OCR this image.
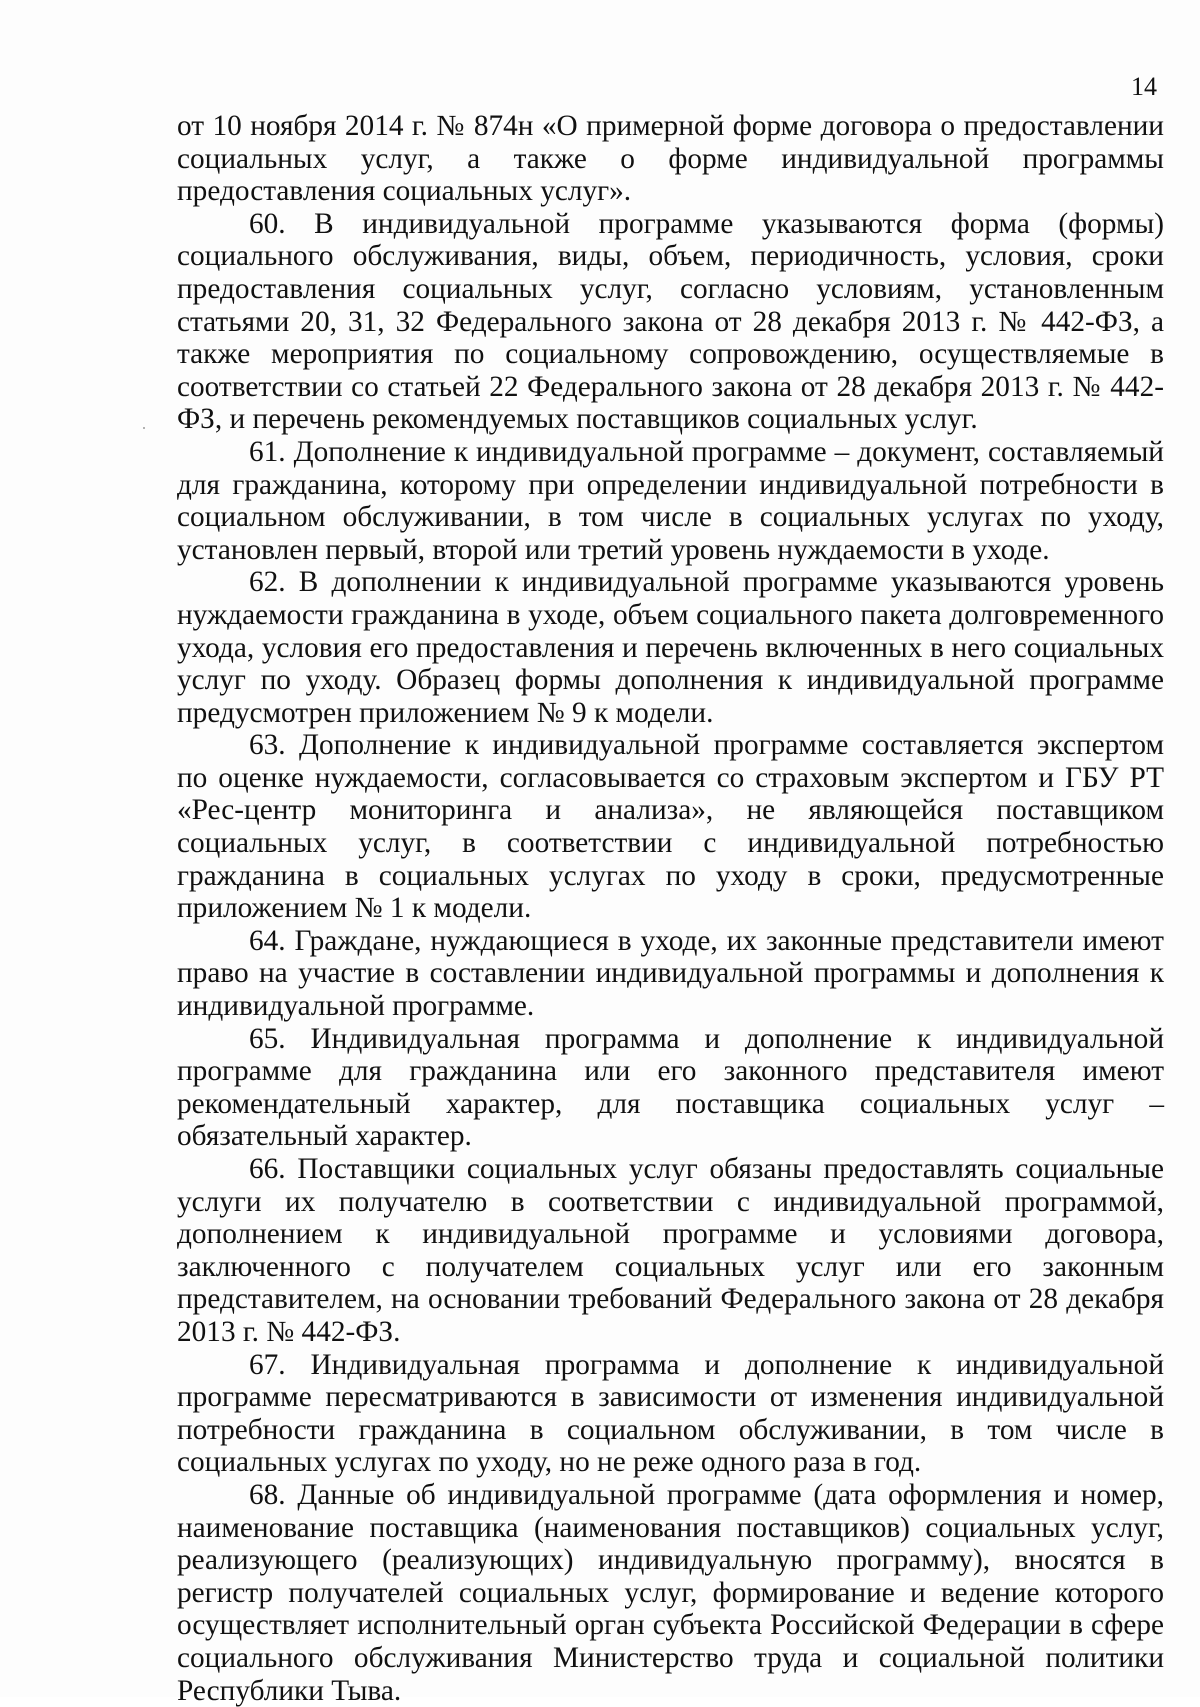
14

от 10 ноября 2014 г. № 874н «О примерной форме договора о предоставлении социальных услуг, а также о форме индивидуальной программы предоставления социальных услуг».

60. В индивидуальной программе указываются форма (формы) социального обслуживания, виды, объем, периодичность, условия, сроки предоставления социальных услуг, согласно условиям, установленным статьями 20, 31, 32 Федерального закона от 28 декабря 2013 г. № 442-ФЗ, а также мероприятия по социальному сопровождению, осуществляемые в соответствии со статьей 22 Федерального закона от 28 декабря 2013 г. № 442-ФЗ, и перечень рекомендуемых поставщиков социальных услуг.

61. Дополнение к индивидуальной программе – документ, составляемый для гражданина, которому при определении индивидуальной потребности в социальном обслуживании, в том числе в социальных услугах по уходу, установлен первый, второй или третий уровень нуждаемости в уходе.

62. В дополнении к индивидуальной программе указываются уровень нуждаемости гражданина в уходе, объем социального пакета долговременного ухода, условия его предоставления и перечень включенных в него социальных услуг по уходу. Образец формы дополнения к индивидуальной программе предусмотрен приложением № 9 к модели.

63. Дополнение к индивидуальной программе составляется экспертом по оценке нуждаемости, согласовывается со страховым экспертом и ГБУ РТ «Рес-центр мониторинга и анализа», не являющейся поставщиком социальных услуг, в соответствии с индивидуальной потребностью гражданина в социальных услугах по уходу в сроки, предусмотренные приложением № 1 к модели.

64. Граждане, нуждающиеся в уходе, их законные представители имеют право на участие в составлении индивидуальной программы и дополнения к индивидуальной программе.

65. Индивидуальная программа и дополнение к индивидуальной программе для гражданина или его законного представителя имеют рекомендательный характер, для поставщика социальных услуг – обязательный характер.

66. Поставщики социальных услуг обязаны предоставлять социальные услуги их получателю в соответствии с индивидуальной программой, дополнением к индивидуальной программе и условиями договора, заключенного с получателем социальных услуг или его законным представителем, на основании требований Федерального закона от 28 декабря 2013 г. № 442-ФЗ.

67. Индивидуальная программа и дополнение к индивидуальной программе пересматриваются в зависимости от изменения индивидуальной потребности гражданина в социальном обслуживании, в том числе в социальных услугах по уходу, но не реже одного раза в год.

68. Данные об индивидуальной программе (дата оформления и номер, наименование поставщика (наименования поставщиков) социальных услуг, реализующего (реализующих) индивидуальную программу), вносятся в регистр получателей социальных услуг, формирование и ведение которого осуществляет исполнительный орган субъекта Российской Федерации в сфере социального обслуживания Министерство труда и социальной политики Республики Тыва.
